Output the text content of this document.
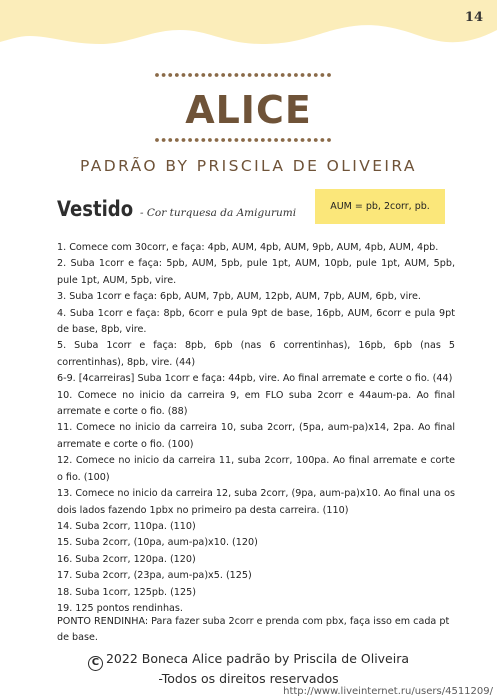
14
ALICE
PADRÃO BY PRISCILA DE OLIVEIRA
Vestido - Cor turquesa da Amigurumi
AUM = pb, 2corr, pb.

1. Comece com 30corr, e faça: 4pb, AUM, 4pb, AUM, 9pb, AUM, 4pb, AUM, 4pb.

2. Suba 1corr e faça: 5pb, AUM, 5pb, pule 1pt, AUM, 10pb, pule 1pt, AUM, 5pb, pule 1pt, AUM, 5pb, vire.

3. Suba 1corr e faça: 6pb, AUM, 7pb, AUM, 12pb, AUM, 7pb, AUM, 6pb, vire.

4. Suba 1corr e faça: 8pb, 6corr e pula 9pt de base, 16pb, AUM, 6corr e pula 9pt de base, 8pb, vire.

5. Suba 1corr e faça: 8pb, 6pb (nas 6 correntinhas), 16pb, 6pb (nas 5 correntinhas), 8pb, vire. (44)

6-9. [4carreiras] Suba 1corr e faça: 44pb, vire. Ao final arremate e corte o fio. (44)

10. Comece no inicio da carreira 9, em FLO suba 2corr e 44aum-pa. Ao final arremate e corte o fio. (88)

11. Comece no inicio da carreira 10, suba 2corr, (5pa, aum-pa)x14, 2pa. Ao final arremate e corte o fio. (100)

12. Comece no inicio da carreira 11, suba 2corr, 100pa. Ao final arremate e corte o fio. (100)

13. Comece no inicio da carreira 12, suba 2corr, (9pa, aum-pa)x10. Ao final una os dois lados fazendo 1pbx no primeiro pa desta carreira. (110)

14. Suba 2corr, 110pa. (110)

15. Suba 2corr, (10pa, aum-pa)x10. (120)

16. Suba 2corr, 120pa. (120)

17. Suba 2corr, (23pa, aum-pa)x5. (125)

18. Suba 1corr, 125pb. (125)

19. 125 pontos rendinhas.

PONTO RENDINHA: Para fazer suba 2corr e prenda com pbx, faça isso em cada pt de base.
C 2022 Boneca Alice padrão by Priscila de Oliveira
-Todos os direitos reservados
http://www.liveinternet.ru/users/4511209/
